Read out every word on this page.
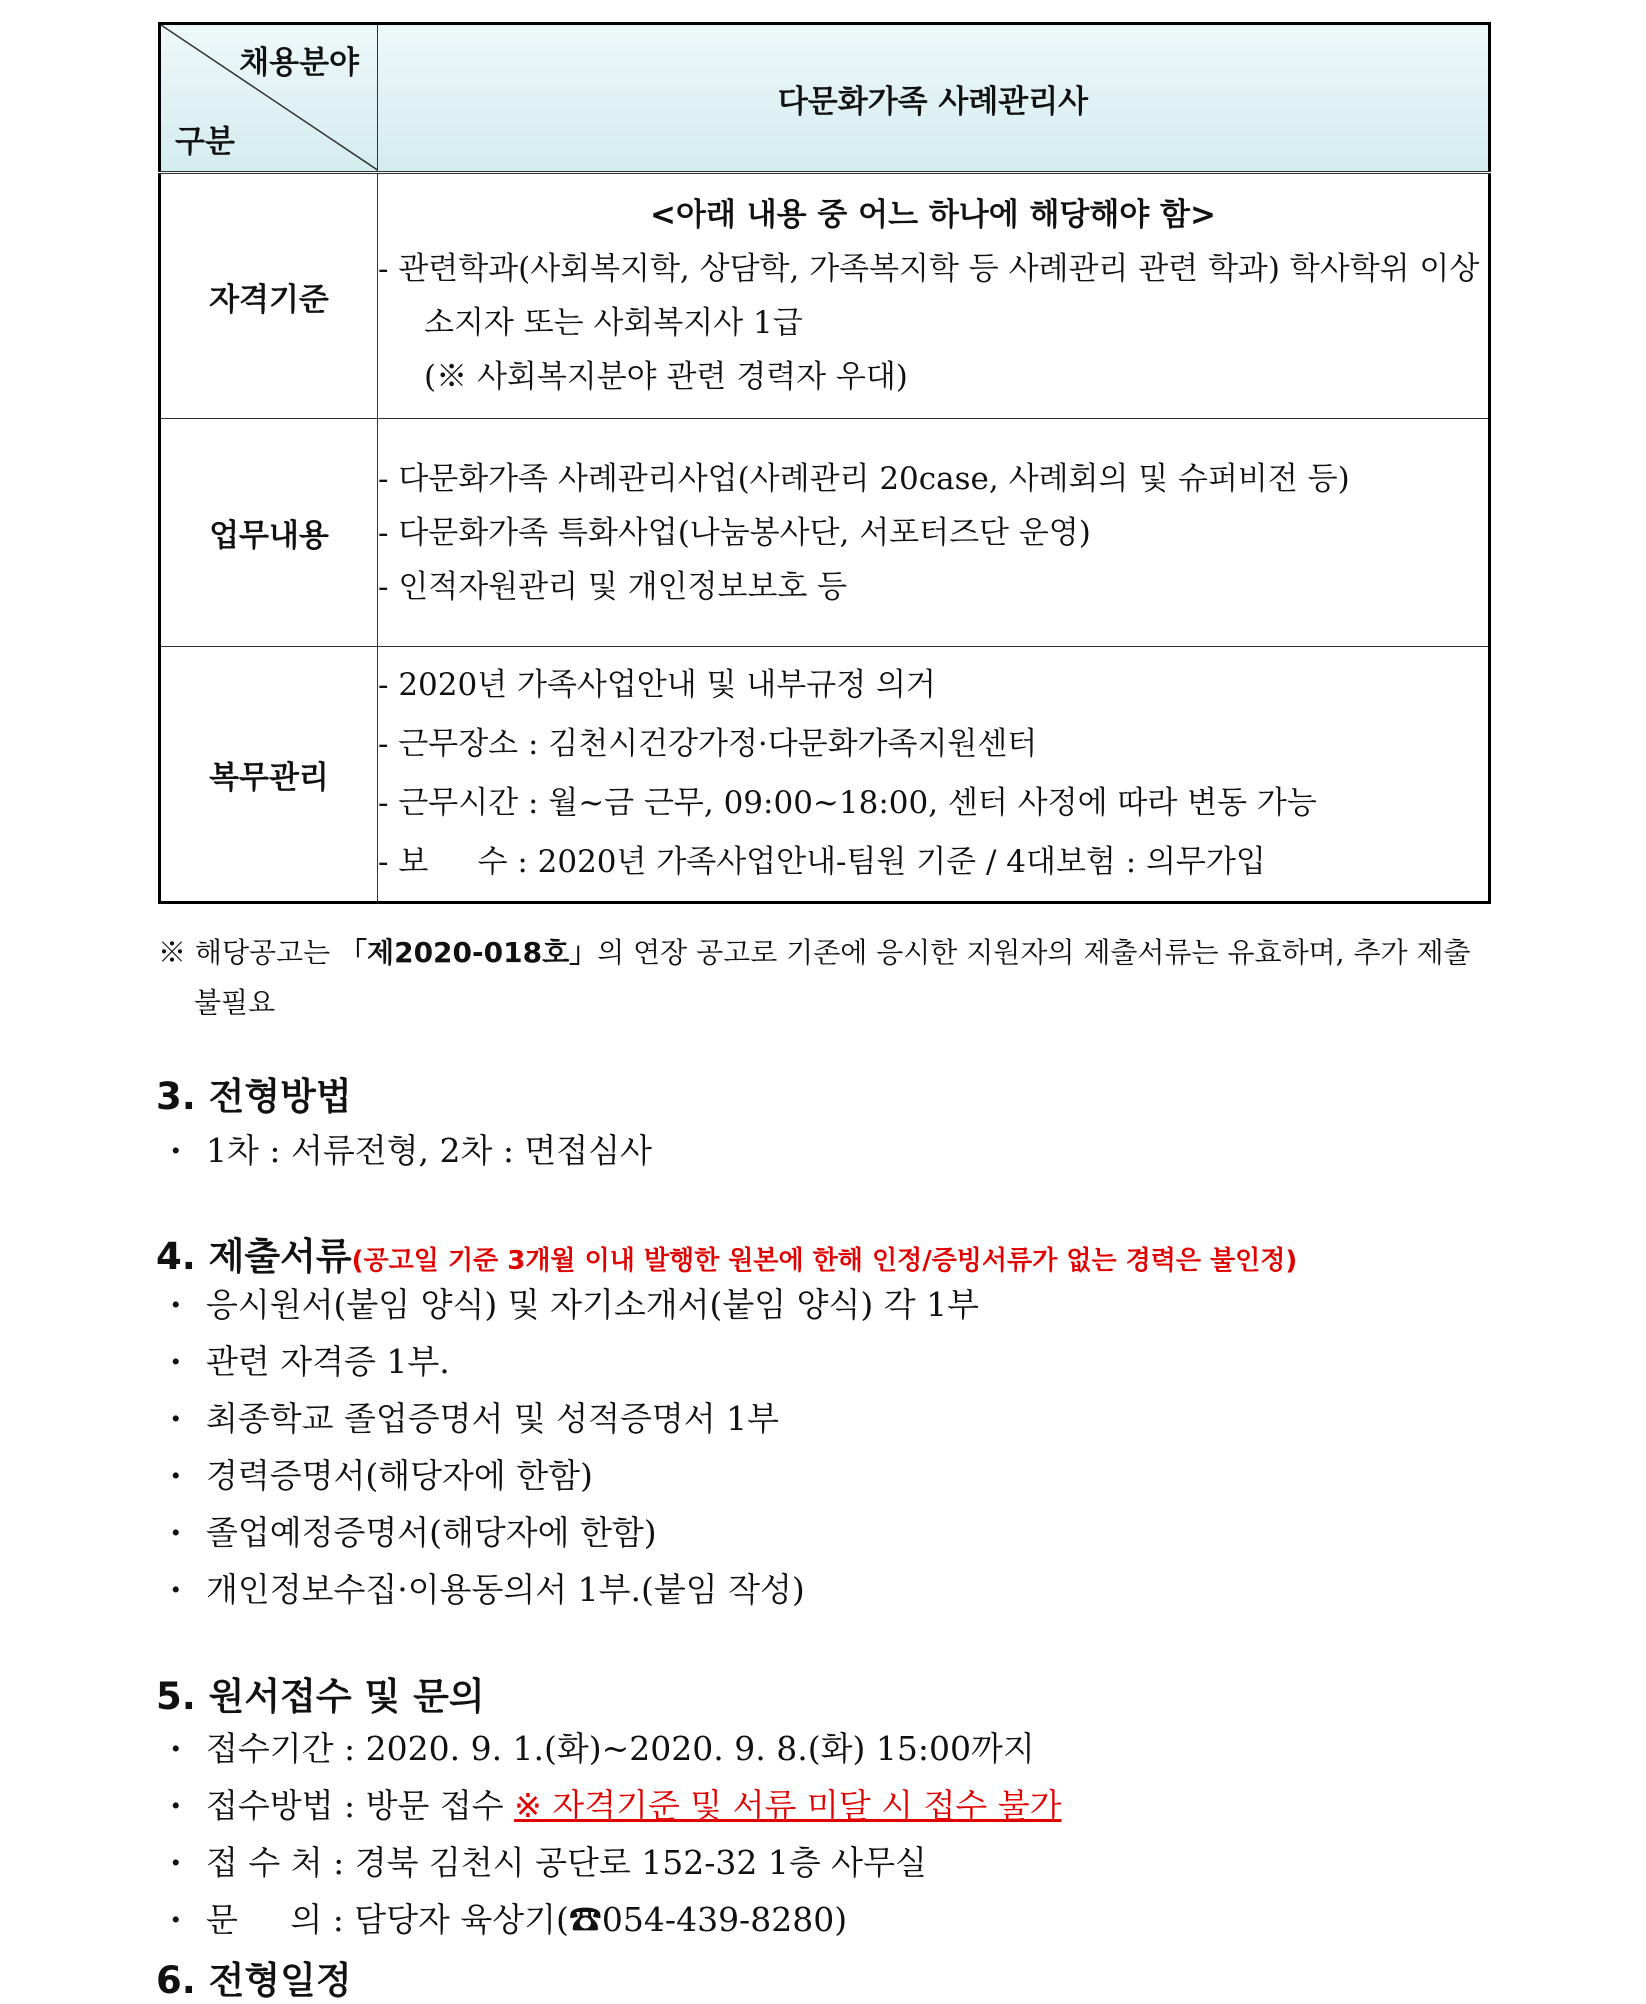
채용분야
구분	다문화가족 사례관리사
자격기준	<아래 내용 중 어느 하나에 해당해야 함>
- 관련학과(사회복지학, 상담학, 가족복지학 등 사례관리 관련 학과) 학사학위 이상 소지자 또는 사회복지사 1급
(※ 사회복지분야 관련 경력자 우대)

업무내용	- 다문화가족 사례관리사업(사례관리 20case, 사례회의 및 슈퍼비전 등)
- 다문화가족 특화사업(나눔봉사단, 서포터즈단 운영)
- 인적자원관리 및 개인정보보호 등

복무관리	- 2020년 가족사업안내 및 내부규정 의거
- 근무장소 : 김천시건강가정·다문화가족지원센터
- 근무시간 : 월~금 근무, 09:00~18:00, 센터 사정에 따라 변동 가능
- 보     수 : 2020년 가족사업안내-팀원 기준 / 4대보험 : 의무가입
※ 해당공고는 「제2020-018호」의 연장 공고로 기존에 응시한 지원자의 제출서류는 유효하며, 추가 제출 불필요
3. 전형방법
· 1차 : 서류전형, 2차 : 면접심사
4. 제출서류(공고일 기준 3개월 이내 발행한 원본에 한해 인정/증빙서류가 없는 경력은 불인정)
· 응시원서(붙임 양식) 및 자기소개서(붙임 양식) 각 1부
· 관련 자격증 1부.
· 최종학교 졸업증명서 및 성적증명서 1부
· 경력증명서(해당자에 한함)
· 졸업예정증명서(해당자에 한함)
· 개인정보수집·이용동의서 1부.(붙임 작성)
5. 원서접수 및 문의
· 접수기간 : 2020. 9. 1.(화)~2020. 9. 8.(화) 15:00까지
· 접수방법 : 방문 접수 ※ 자격기준 및 서류 미달 시 접수 불가
· 접 수 처 : 경북 김천시 공단로 152-32 1층 사무실
· 문     의 : 담당자 육상기(☎054-439-8280)
6. 전형일정
